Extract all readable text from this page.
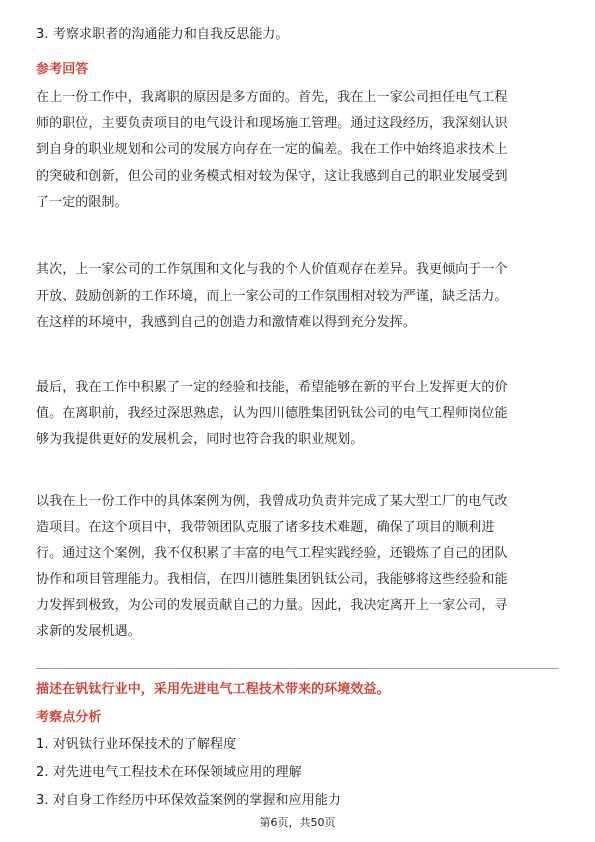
3. 考察求职者的沟通能力和自我反思能力。
参考回答
在上一份工作中，我离职的原因是多方面的。首先，我在上一家公司担任电气工程
师的职位，主要负责项目的电气设计和现场施工管理。通过这段经历，我深刻认识
到自身的职业规划和公司的发展方向存在一定的偏差。我在工作中始终追求技术上
的突破和创新，但公司的业务模式相对较为保守，这让我感到自己的职业发展受到
了一定的限制。
其次，上一家公司的工作氛围和文化与我的个人价值观存在差异。我更倾向于一个
开放、鼓励创新的工作环境，而上一家公司的工作氛围相对较为严谨，缺乏活力。
在这样的环境中，我感到自己的创造力和激情难以得到充分发挥。
最后，我在工作中积累了一定的经验和技能，希望能够在新的平台上发挥更大的价
值。在离职前，我经过深思熟虑，认为四川德胜集团钒钛公司的电气工程师岗位能
够为我提供更好的发展机会，同时也符合我的职业规划。
以我在上一份工作中的具体案例为例，我曾成功负责并完成了某大型工厂的电气改
造项目。在这个项目中，我带领团队克服了诸多技术难题，确保了项目的顺利进
行。通过这个案例，我不仅积累了丰富的电气工程实践经验，还锻炼了自己的团队
协作和项目管理能力。我相信，在四川德胜集团钒钛公司，我能够将这些经验和能
力发挥到极致，为公司的发展贡献自己的力量。因此，我决定离开上一家公司，寻
求新的发展机遇。
描述在钒钛行业中，采用先进电气工程技术带来的环境效益。
考察点分析
1. 对钒钛行业环保技术的了解程度
2. 对先进电气工程技术在环保领域应用的理解
3. 对自身工作经历中环保效益案例的掌握和应用能力
第6页，共50页
